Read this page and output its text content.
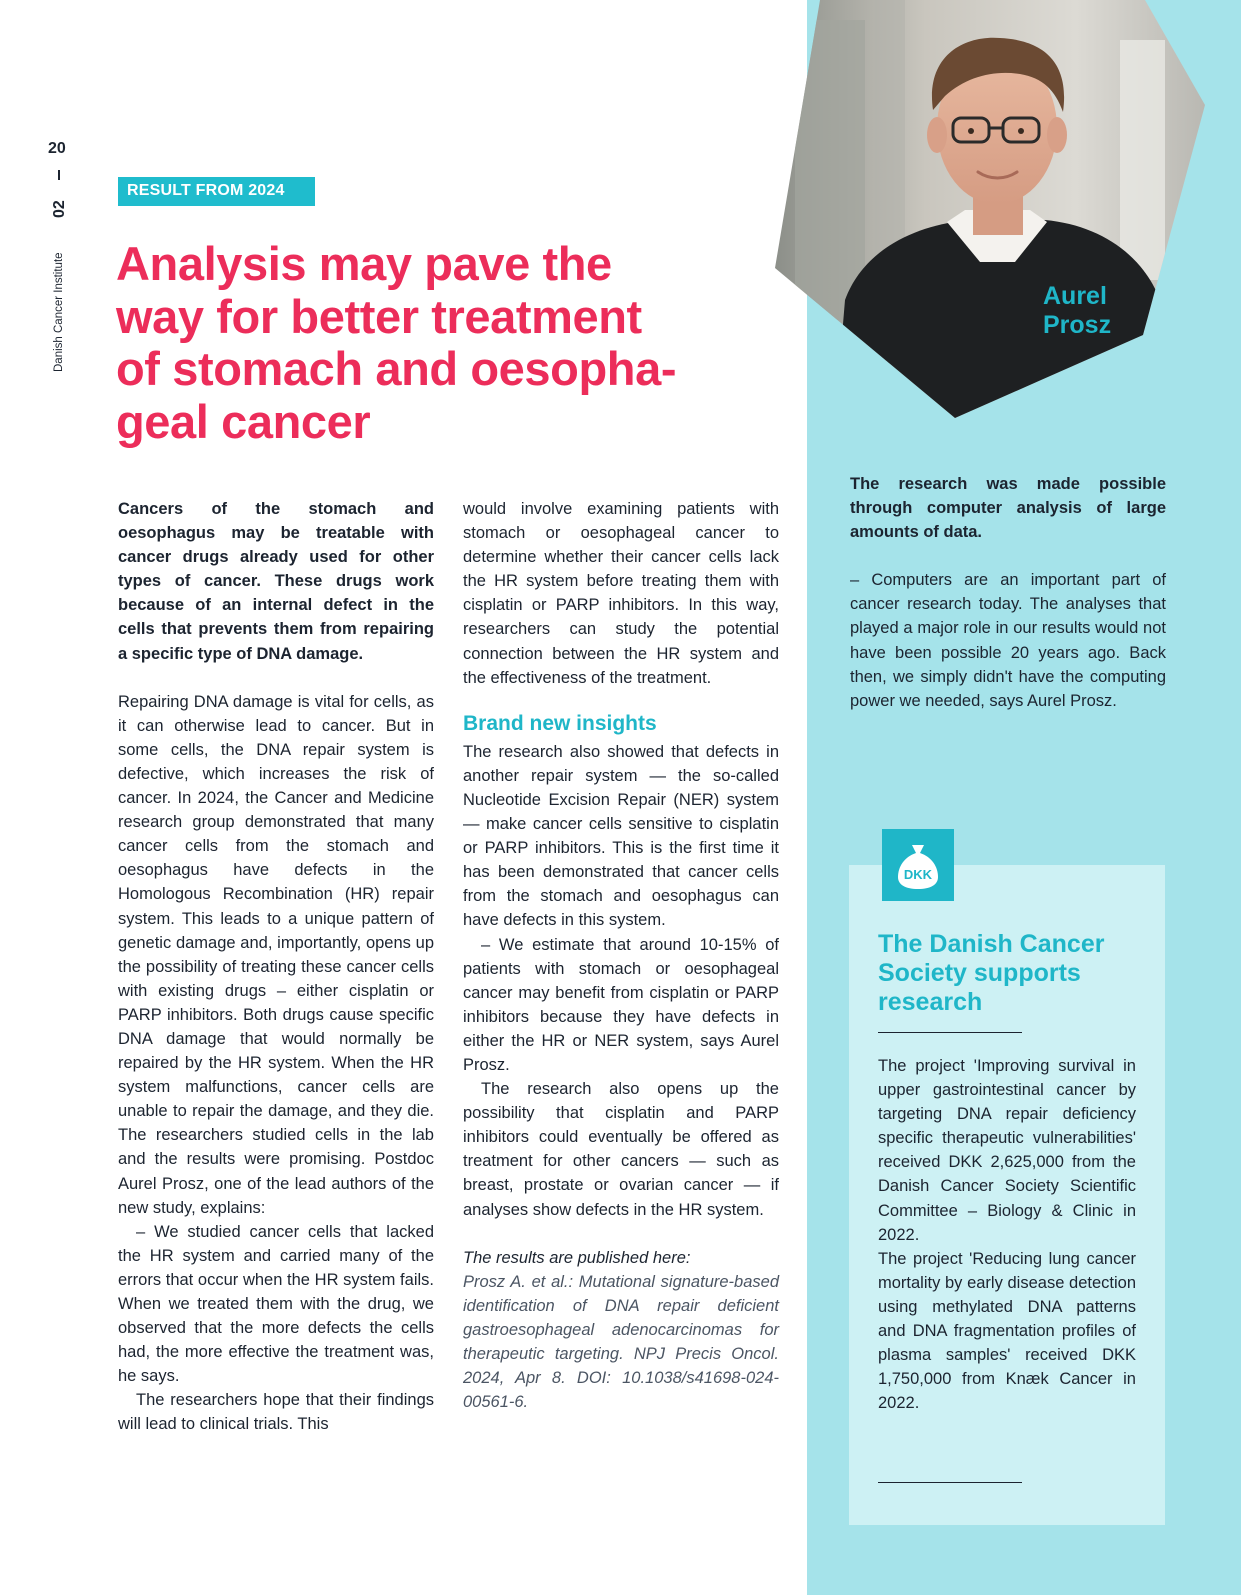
20
02
Danish Cancer Institute	Aurel
Prosz
RESULT FROM 2024
Analysis may pave the
way for better treatment
of stomach and oesopha-
geal cancer

Cancers of the stomach and oesophagus may be treatable with cancer drugs already used for other types of cancer. These drugs work because of an internal defect in the cells that prevents them from repairing a specific type of DNA damage.

Repairing DNA damage is vital for cells, as it can otherwise lead to cancer. But in some cells, the DNA repair system is defective, which increases the risk of cancer. In 2024, the Cancer and Medicine research group demonstrated that many cancer cells from the stomach and oesophagus have defects in the Homologous Recombination (HR) repair system. This leads to a unique pattern of genetic damage and, importantly, opens up the possibility of treating these cancer cells with existing drugs – either cisplatin or PARP inhibitors. Both drugs cause specific DNA damage that would normally be repaired by the HR system. When the HR system malfunctions, cancer cells are unable to repair the damage, and they die. The researchers studied cells in the lab and the results were promising. Postdoc Aurel Prosz, one of the lead authors of the new study, explains:

– We studied cancer cells that lacked the HR system and carried many of the errors that occur when the HR system fails. When we treated them with the drug, we observed that the more defects the cells had, the more effective the treatment was, he says.

The researchers hope that their findings will lead to clinical trials. This

would involve examining patients with stomach or oesophageal cancer to determine whether their cancer cells lack the HR system before treating them with cisplatin or PARP inhibitors. In this way, researchers can study the potential connection between the HR system and the effectiveness of the treatment.

Brand new insights

The research also showed that defects in another repair system — the so-called Nucleotide Excision Repair (NER) system — make cancer cells sensitive to cisplatin or PARP inhibitors. This is the first time it has been demonstrated that cancer cells from the stomach and oesophagus can have defects in this system.

– We estimate that around 10-15% of patients with stomach or oesophageal cancer may benefit from cisplatin or PARP inhibitors because they have defects in either the HR or NER system, says Aurel Prosz.

The research also opens up the possibility that cisplatin and PARP inhibitors could eventually be offered as treatment for other cancers — such as breast, prostate or ovarian cancer — if analyses show defects in the HR system.

The results are published here:

Prosz A. et al.: Mutational signature-based identification of DNA repair deficient gastroesophageal adenocarcinomas for therapeutic targeting. NPJ Precis Oncol. 2024, Apr 8. DOI: 10.1038/s41698-024-00561-6.

The research was made possible through computer analysis of large amounts of data.

– Computers are an important part of cancer research today. The analyses that played a major role in our results would not have been possible 20 years ago. Back then, we simply didn't have the computing power we needed, says Aurel Prosz.

DKK
The Danish Cancer Society supports research

The project 'Improving survival in upper gastrointestinal cancer by targeting DNA repair deficiency specific therapeutic vulnerabilities' received DKK 2,625,000 from the Danish Cancer Society Scientific Committee – Biology & Clinic in 2022.

The project 'Reducing lung cancer mortality by early disease detection using methylated DNA patterns and DNA fragmentation profiles of plasma samples' received DKK 1,750,000 from Knæk Cancer in 2022.
